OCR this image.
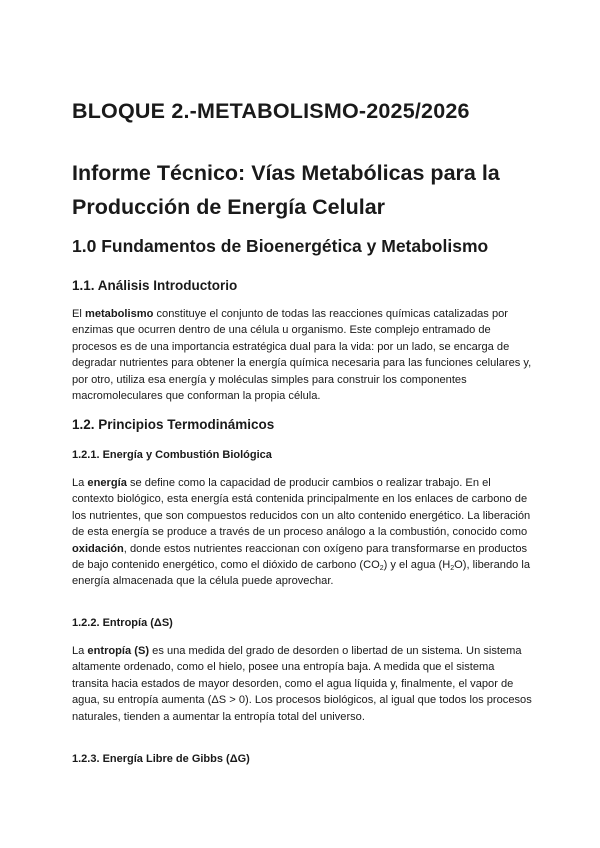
BLOQUE 2.-METABOLISMO-2025/2026
Informe Técnico: Vías Metabólicas para la Producción de Energía Celular
1.0 Fundamentos de Bioenergética y Metabolismo
1.1. Análisis Introductorio

El metabolismo constituye el conjunto de todas las reacciones químicas catalizadas por enzimas que ocurren dentro de una célula u organismo. Este complejo entramado de procesos es de una importancia estratégica dual para la vida: por un lado, se encarga de degradar nutrientes para obtener la energía química necesaria para las funciones celulares y, por otro, utiliza esa energía y moléculas simples para construir los componentes macromoleculares que conforman la propia célula.

1.2. Principios Termodinámicos
1.2.1. Energía y Combustión Biológica

La energía se define como la capacidad de producir cambios o realizar trabajo. En el contexto biológico, esta energía está contenida principalmente en los enlaces de carbono de los nutrientes, que son compuestos reducidos con un alto contenido energético. La liberación de esta energía se produce a través de un proceso análogo a la combustión, conocido como oxidación, donde estos nutrientes reaccionan con oxígeno para transformarse en productos de bajo contenido energético, como el dióxido de carbono $(CO_2)$ y el agua $(H_2O)$, liberando la energía almacenada que la célula puede aprovechar.

1.2.2. Entropía (ΔS)

La entropía (S) es una medida del grado de desorden o libertad de un sistema. Un sistema altamente ordenado, como el hielo, posee una entropía baja. A medida que el sistema transita hacia estados de mayor desorden, como el agua líquida y, finalmente, el vapor de agua, su entropía aumenta (ΔS > 0). Los procesos biológicos, al igual que todos los procesos naturales, tienden a aumentar la entropía total del universo.

1.2.3. Energía Libre de Gibbs (ΔG)
